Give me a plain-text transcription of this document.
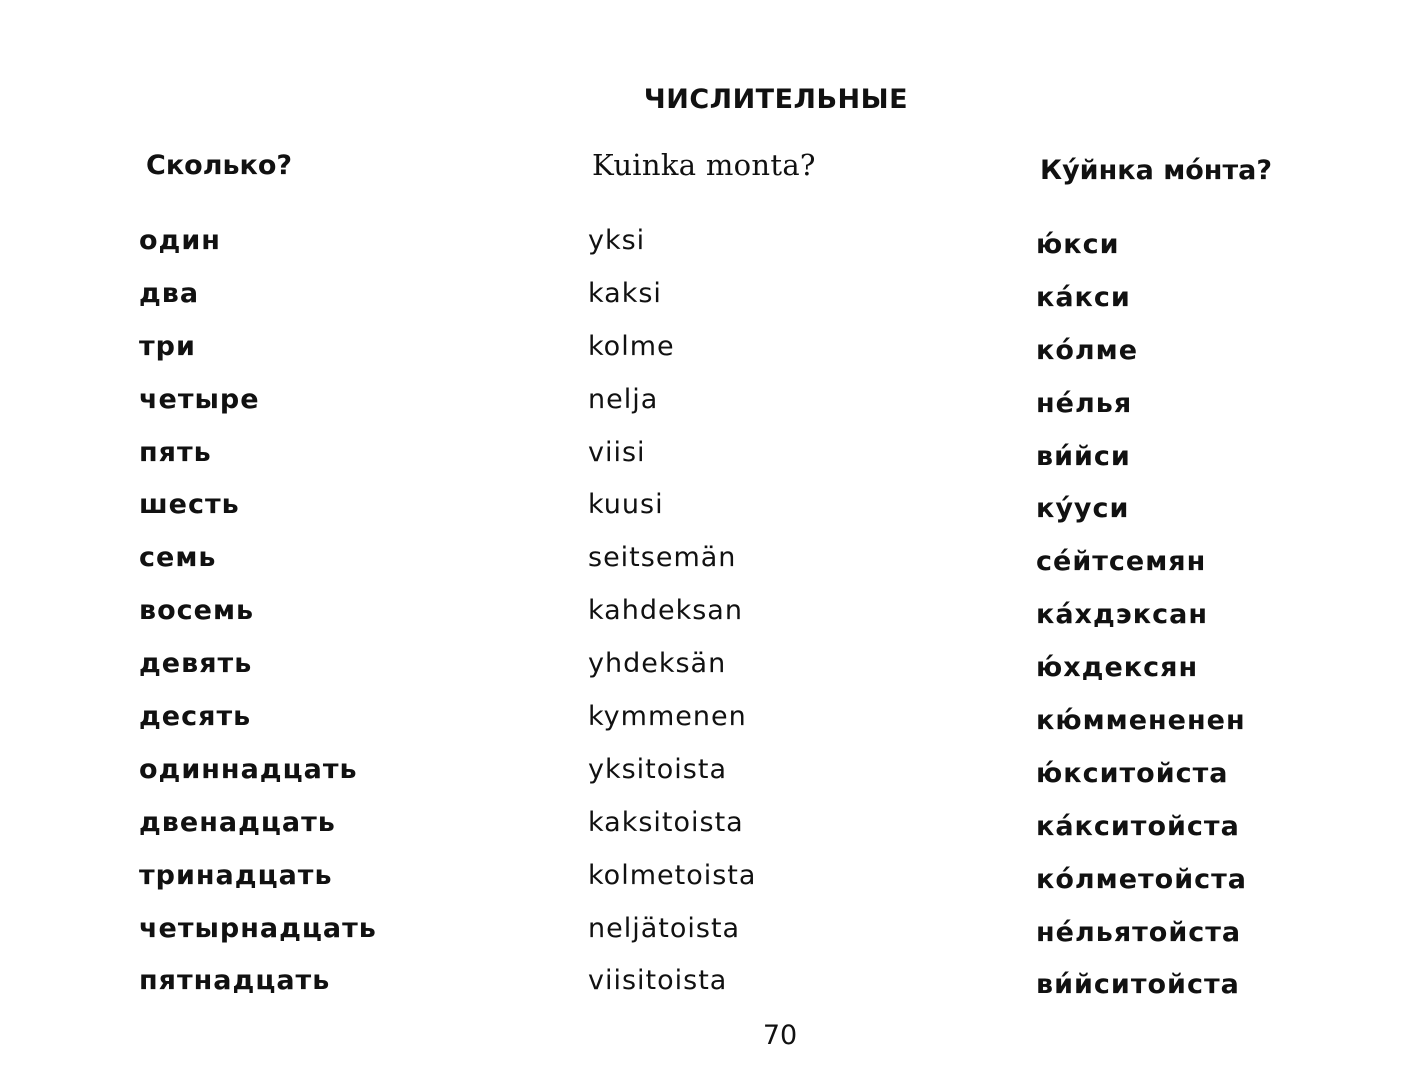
ЧИСЛИТЕЛЬНЫЕ
Сколько?	Kuinka monta?	Ку́йнка мо́нта?
один
два
три
четыре
пять
шесть
семь
восемь
девять
десять
одиннадцать
двенадцать
тринадцать
четырнадцать
пятнадцать
yksi
kaksi
kolme
nelja
viisi
kuusi
seitsemän
kahdeksan
yhdeksän
kymmenen
yksitoista
kaksitoista
kolmetoista
neljätoista
viisitoista
ю́кси
ка́кси
ко́лме
не́лья
ви́йси
ку́уси
се́йтсемян
ка́хдэксан
ю́хдексян
кю́ммененен
ю́кситойста
ка́кситойста
ко́лметойста
не́льятойста
ви́йситойста
70
